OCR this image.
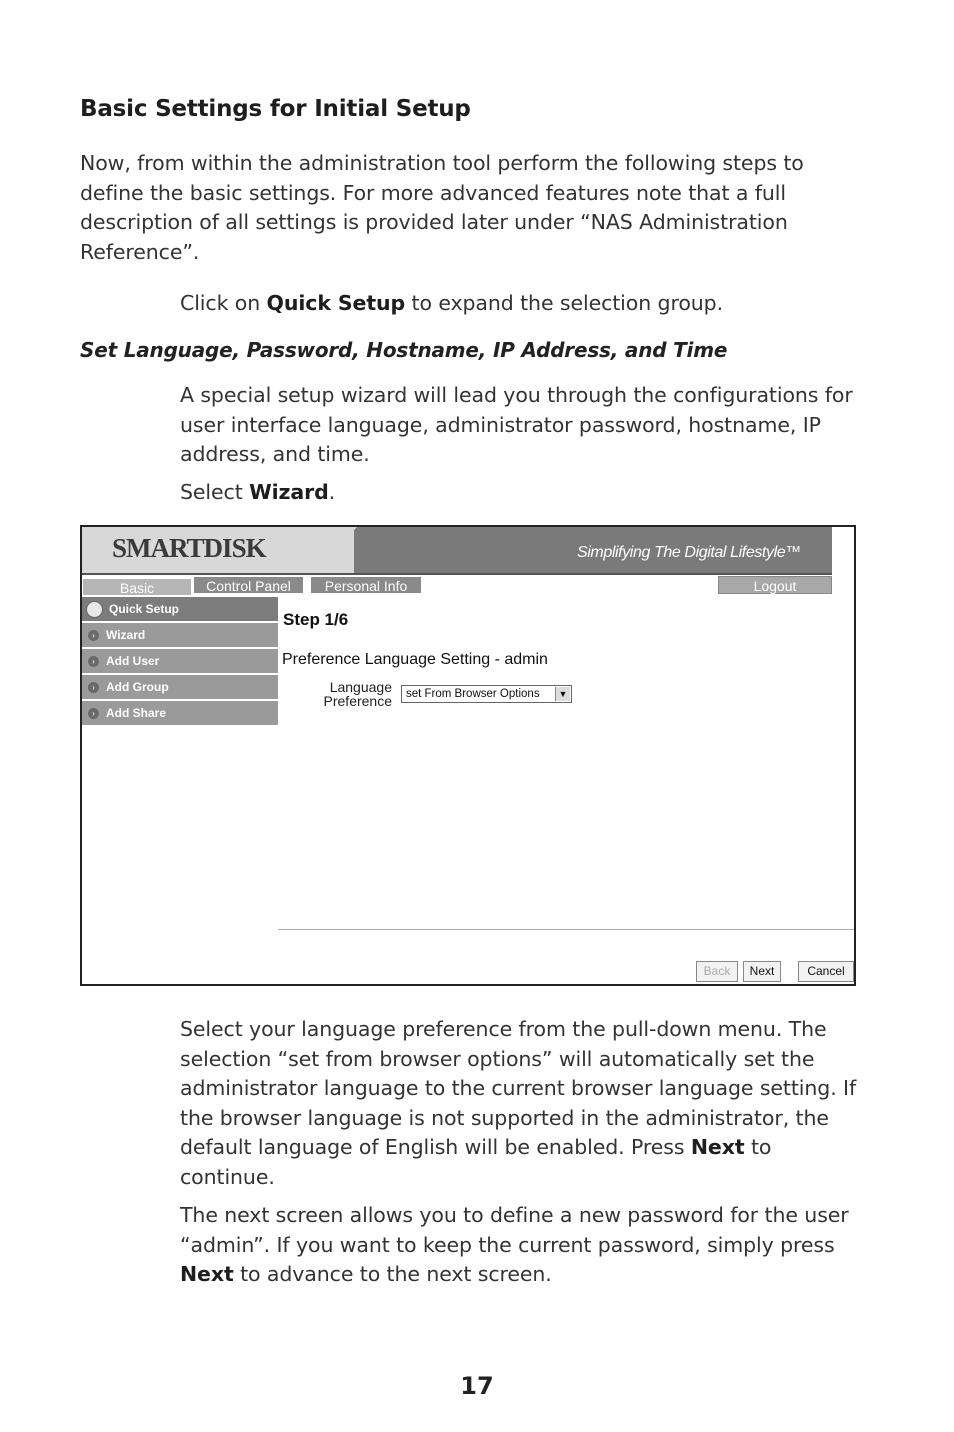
Basic Settings for Initial Setup
Now, from within the administration tool perform the following steps to define the basic settings. For more advanced features note that a full description of all settings is provided later under “NAS Administration Reference”.
Click on Quick Setup to expand the selection group.
Set Language, Password, Hostname, IP Address, and Time
A special setup wizard will lead you through the configurations for user interface language, administrator password, hostname, IP address, and time.
Select Wizard.
SMARTDISK	Simplifying The Digital Lifestyle™
Basic	Control Panel	Personal Info	Logout
Quick Setup
› Wizard
› Add User
› Add Group
› Add Share
Step 1/6
Preference Language Setting - admin
Language
Preference set From Browser Options	▼
Back	Next	Cancel
Select your language preference from the pull-down menu. The selection “set from browser options” will automatically set the administrator language to the current browser language setting. If the browser language is not supported in the administrator, the default language of English will be enabled. Press Next to continue.
The next screen allows you to define a new password for the user “admin”. If you want to keep the current password, simply press Next to advance to the next screen.
17
